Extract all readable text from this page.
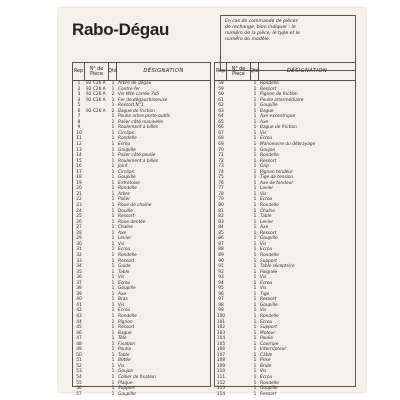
Rabo-Dégau	En cas de commande de pièces
de rechange, bien indiquer : le
numéro de la pièce, le type et le
numéro du modèle.
Rep	N° de Pièce	Qté	DÉSIGNATION
1	92 C26 A	1 Arbre de dégau
2	92 C26 A	1 Contre-fer
3	92 C26 A	2 Vis tête carrée 7x5
4	92 C26 A	1 Fer de dégauchisseuse
5	1 Ressort N°1
6	92 C26 A	2 Bague de friction
7	1 Poulie arbre porte-outils
8	1 Palier côté manivelle
9	1 Roulement à billes
10	1 Circlips
11	1 Rondelle
12	1 Ecrou
13	1 Goupille
14	1 Palier côté poulie
15	1 Roulement à billes
16	1 Joint
17	1 Circlips
18	1 Goupille
19	1 Entretoise
20	1 Rondelle
21	1 Arbre
22	1 Palier
23	1 Roue de chaîne
24	1 Douille
25	1 Ressort
26	1 Roue dentée
27	1 Chaîne
28	1 Axe
29	1 Levier
30	1 Vis
31	1 Ecrou
32	1 Rondelle
33	1 Ressort
34	1 Guide
35	1 Table
36	1 Vis
37	1 Ecrou
38	1 Goupille
39	1 Axe
40	1 Bras
41	1 Vis
42	1 Ecrou
43	1 Rondelle
44	1 Pignon
45	1 Ressort
46	1 Bague
47	1 Tôle
48	1 Fixation
49	1 Poulie
50	1 Table
51	1 Butée
52	1 Vis
53	1 Goujon
54	1 Collier de fixation
55	1 Plaque
56	1 Support
57	1 Goupille
Rep	N° de Pièce	Qté	DÉSIGNATION
58	1 Rondelle
59	1 Ressort
60	1 Pignon de friction
61	1 Poulie intermédiaire
62	1 Goupille
63	1 Bague
64	1 Axe excentrique
65	1 Axe
66	1 Bague de friction
67	1 Vis
68	1 Ecrou
69	1 Manoeuvre du débrayage
70	1 Goujon
71	1 Rondelle
72	1 Ressort
73	1 Grip
74	1 Pignon tendeur
75	1 Tige de tension
76	1 Axe de tendeur
77	1 Levier
78	1 Vis
79	1 Ecrou
80	1 Rondelle
81	1 Chaîne
82	1 Table
83	1 Levier
84	1 Axe
85	1 Ressort
86	1 Goupille
87	1 Vis
88	1 Ecrou
89	1 Rondelle
90	1 Support
91	1 Table réceptrice
92	1 Poignée
93	1 Vis
94	1 Ecrou
95	1 Vis
96	1 Tige
97	1 Ressort
98	1 Goupille
99	1 Vis
100	1 Rondelle
101	1 Ecrou
102	1 Support
103	1 Moteur
104	1 Poulie
105	1 Courroie
106	1 Interrupteur
107	1 Câble
108	1 Prise
109	1 Bride
110	1 Vis
111	1 Ecrou
112	1 Rondelle
113	1 Goupille
114	1 Ressort
